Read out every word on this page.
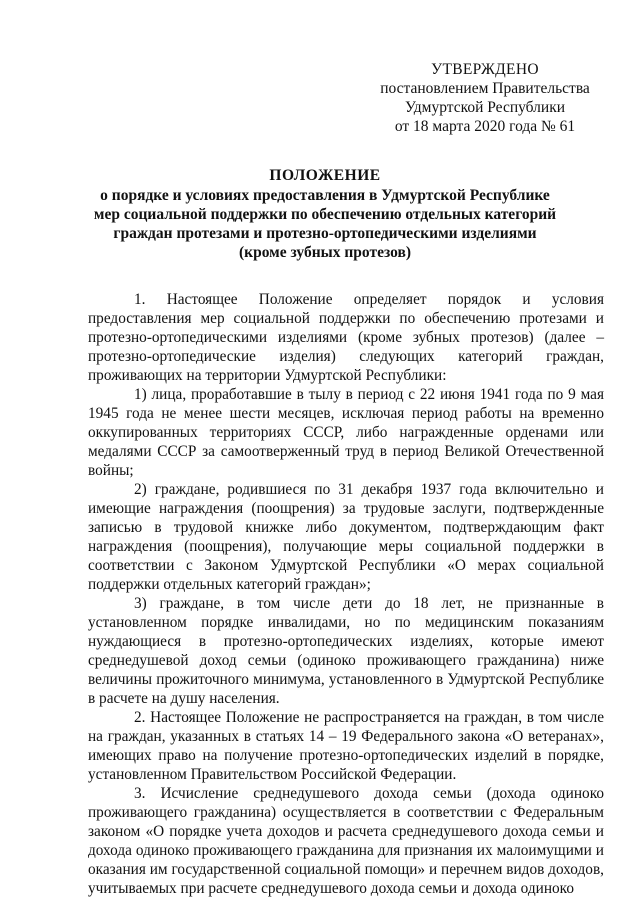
УТВЕРЖДЕНО
постановлением Правительства
Удмуртской Республики
от 18 марта 2020 года № 61
ПОЛОЖЕНИЕ
о порядке и условиях предоставления в Удмуртской Республике
мер социальной поддержки по обеспечению отдельных категорий
граждан протезами и протезно-ортопедическими изделиями
(кроме зубных протезов)

1. Настоящее Положение определяет порядок и условия предоставления мер социальной поддержки по обеспечению протезами и протезно-ортопедическими изделиями (кроме зубных протезов) (далее – протезно-ортопедические изделия) следующих категорий граждан, проживающих на территории Удмуртской Республики:

1) лица, проработавшие в тылу в период с 22 июня 1941 года по 9 мая 1945 года не менее шести месяцев, исключая период работы на временно оккупированных территориях СССР, либо награжденные орденами или медалями СССР за самоотверженный труд в период Великой Отечественной войны;

2) граждане, родившиеся по 31 декабря 1937 года включительно и имеющие награждения (поощрения) за трудовые заслуги, подтвержденные записью в трудовой книжке либо документом, подтверждающим факт награждения (поощрения), получающие меры социальной поддержки в соответствии с Законом Удмуртской Республики «О мерах социальной поддержки отдельных категорий граждан»;

3) граждане, в том числе дети до 18 лет, не признанные в установленном порядке инвалидами, но по медицинским показаниям нуждающиеся в протезно-ортопедических изделиях, которые имеют среднедушевой доход семьи (одиноко проживающего гражданина) ниже величины прожиточного минимума, установленного в Удмуртской Республике в расчете на душу населения.

2. Настоящее Положение не распространяется на граждан, в том числе на граждан, указанных в статьях 14 – 19 Федерального закона «О ветеранах», имеющих право на получение протезно-ортопедических изделий в порядке, установленном Правительством Российской Федерации.

3. Исчисление среднедушевого дохода семьи (дохода одиноко проживающего гражданина) осуществляется в соответствии с Федеральным законом «О порядке учета доходов и расчета среднедушевого дохода семьи и дохода одиноко проживающего гражданина для признания их малоимущими и оказания им государственной социальной помощи» и перечнем видов доходов, учитываемых при расчете среднедушевого дохода семьи и дохода одиноко
